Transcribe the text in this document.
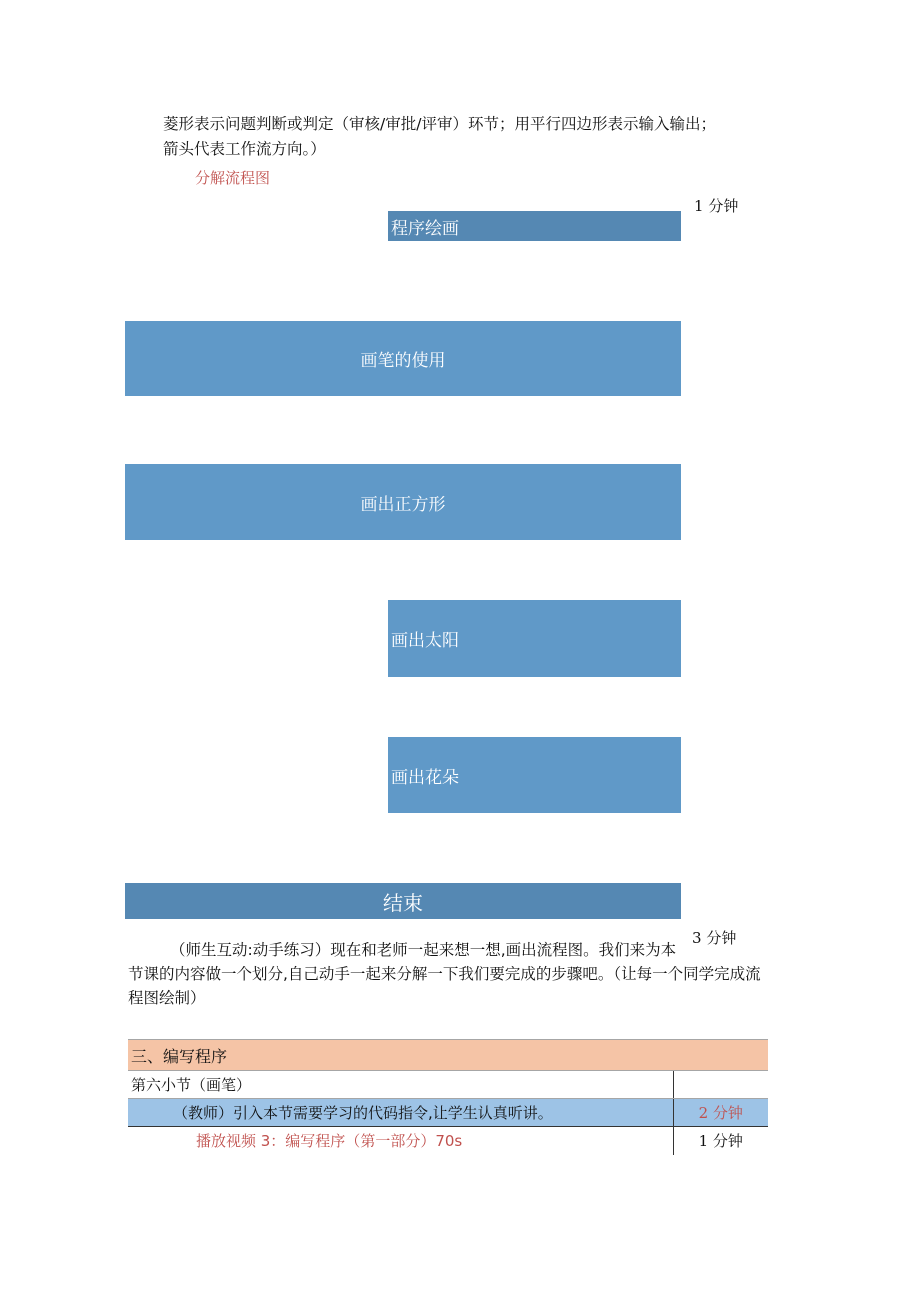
菱形表示问题判断或判定（审核/审批/评审）环节；用平行四边形表示输入输出；
箭头代表工作流方向。）
分解流程图
1 分钟
程序绘画
画笔的使用
画出正方形
画出太阳
画出花朵
结束
3 分钟
（师生互动:动手练习）现在和老师一起来想一想,画出流程图。我们来为本
节课的内容做一个划分,自己动手一起来分解一下我们要完成的步骤吧。（让每一个同学完成流
程图绘制）
三、编写程序	
第六小节（画笔）	
（教师）引入本节需要学习的代码指令,让学生认真听讲。	2 分钟
播放视频 3：编写程序（第一部分）70s	1 分钟
